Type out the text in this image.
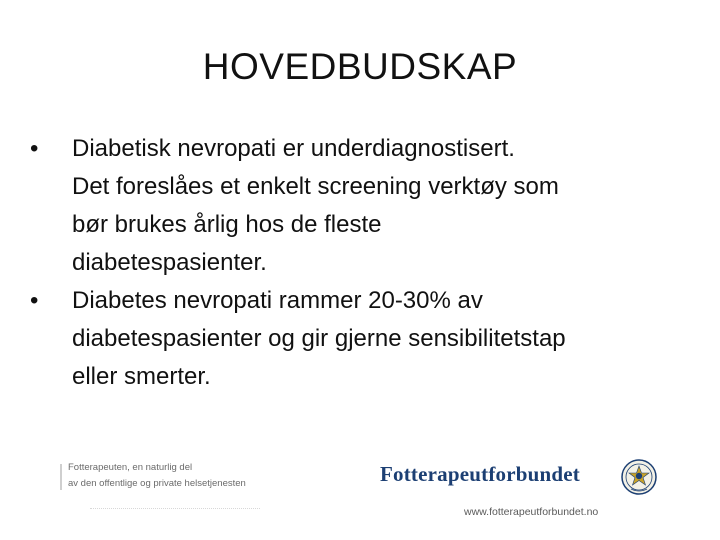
HOVEDBUDSKAP
• Diabetisk nevropati er underdiagnostisert.
Det foreslåes et enkelt screening verktøy som
bør brukes årlig hos de fleste
diabetespasienter.
• Diabetes nevropati rammer 20-30% av
diabetespasienter og gir gjerne sensibilitetstap
eller smerter.
Fotterapeuten, en naturlig del
av den offentlige og private helsetjenesten	Fotterapeutforbundet
www.fotterapeutforbundet.no
